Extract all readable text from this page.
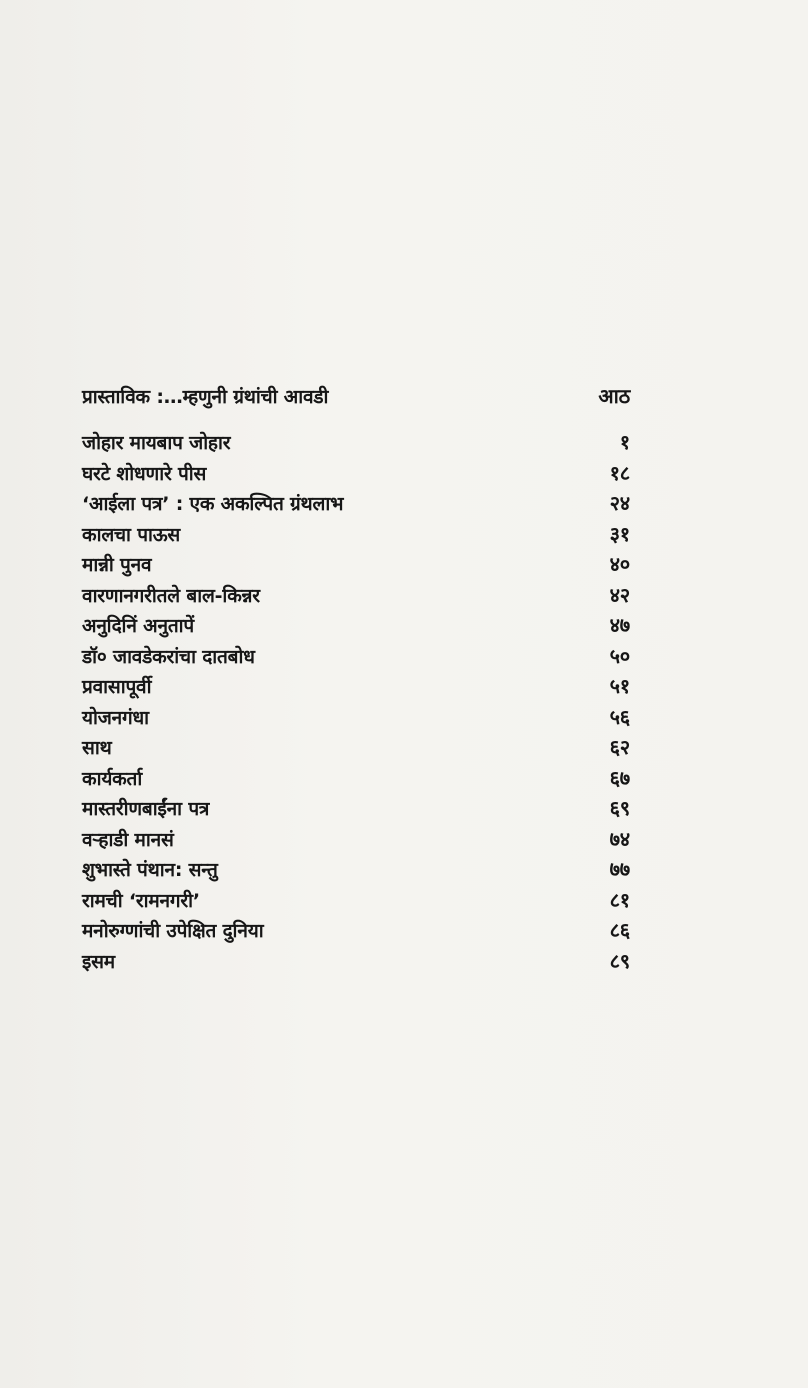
प्रास्ताविक :…म्हणुनी ग्रंथांची आवडी	आठ
जोहार मायबाप जोहार	१
घरटे शोधणारे पीस	१८
‘आईला पत्र’ : एक अकल्पित ग्रंथलाभ	२४
कालचा पाऊस	३१
मान्नी पुनव	४०
वारणानगरीतले बाल-किन्नर	४२
अनुदिनिं अनुतापें	४७
डॉ० जावडेकरांचा दातबोध	५०
प्रवासापूर्वी	५१
योजनगंधा	५६
साथ	६२
कार्यकर्ता	६७
मास्तरीणबाईंना पत्र	६९
वऱ्हाडी मानसं	७४
शुभास्ते पंथान: सन्तु	७७
रामची ‘रामनगरी’	८१
मनोरुग्णांची उपेक्षित दुनिया	८६
इसम	८९
